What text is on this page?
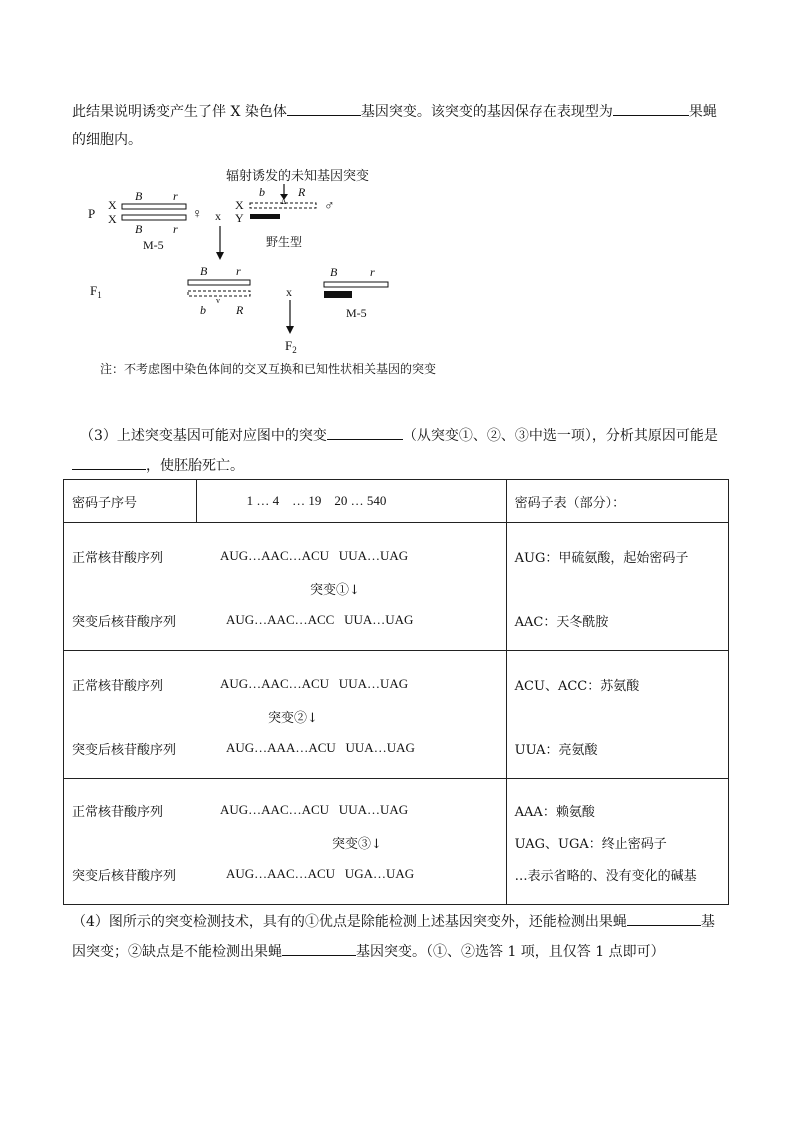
此结果说明诱变产生了伴 X 染色体	基因突变。该突变的基因保存在表现型为	果蝇
的细胞内。
辐射诱发的未知基因突变
P
X
X
B	r
B	r
♀
M-5
x
X
Y
b	R
Δ	♂
野生型
$F_1$
B r
v
b	R
x
B	r
M-5
$F_2$
注：不考虑图中染色体间的交叉互换和已知性状相关基因的突变
（3）上述突变基因可能对应图中的突变	（从突变①、②、③中选一项），分析其原因可能是
，使胚胎死亡。
密码子序号	1 … 4    … 19    20 … 540	密码子表（部分）：

正常核苷酸序列 AUG…AAC…ACU   UUA…UAG
突变①↓
突变后核苷酸序列 AUG…AAC…ACC   UUA…UAG		AUG：甲硫氨酸，起始密码子
AAC：天冬酰胺

正常核苷酸序列 AUG…AAC…ACU   UUA…UAG
突变②↓
突变后核苷酸序列 AUG…AAA…ACU   UUA…UAG		ACU、ACC：苏氨酸
UUA：亮氨酸

正常核苷酸序列 AUG…AAC…ACU   UUA…UAG
突变③↓
突变后核苷酸序列 AUG…AAC…ACU   UGA…UAG		AAA：赖氨酸
UAG、UGA：终止密码子
…表示省略的、没有变化的碱基
（4）图所示的突变检测技术，具有的①优点是除能检测上述基因突变外，还能检测出果蝇	基
因突变；②缺点是不能检测出果蝇	基因突变。（①、②选答 1 项，且仅答 1 点即可）
